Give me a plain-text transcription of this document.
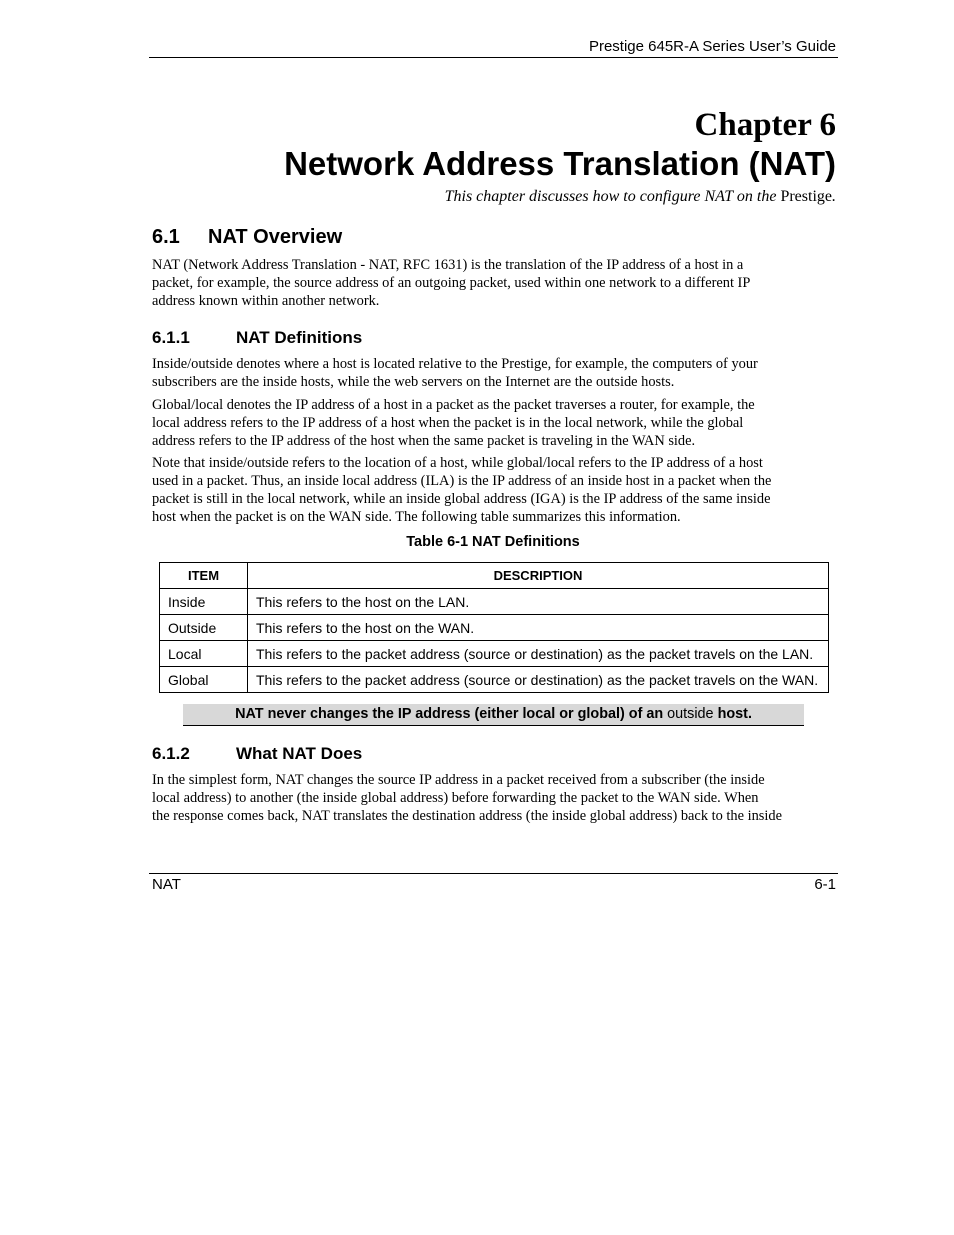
Prestige 645R-A Series User’s Guide
Chapter 6
Network Address Translation (NAT)
This chapter discusses how to configure NAT on the Prestige.
6.1 NAT Overview
NAT (Network Address Translation - NAT, RFC 1631) is the translation of the IP address of a host in a
packet, for example, the source address of an outgoing packet, used within one network to a different IP
address known within another network.
6.1.1	NAT Definitions
Inside/outside denotes where a host is located relative to the Prestige, for example, the computers of your
subscribers are the inside hosts, while the web servers on the Internet are the outside hosts.
Global/local denotes the IP address of a host in a packet as the packet traverses a router, for example, the
local address refers to the IP address of a host when the packet is in the local network, while the global
address refers to the IP address of the host when the same packet is traveling in the WAN side.
Note that inside/outside refers to the location of a host, while global/local refers to the IP address of a host
used in a packet. Thus, an inside local address (ILA) is the IP address of an inside host in a packet when the
packet is still in the local network, while an inside global address (IGA) is the IP address of the same inside
host when the packet is on the WAN side. The following table summarizes this information.
Table 6-1 NAT Definitions
ITEM	DESCRIPTION
Inside	This refers to the host on the LAN.
Outside	This refers to the host on the WAN.
Local	This refers to the packet address (source or destination) as the packet travels on the LAN.
Global	This refers to the packet address (source or destination) as the packet travels on the WAN.
NAT never changes the IP address (either local or global) of an outside host.
6.1.2	What NAT Does
In the simplest form, NAT changes the source IP address in a packet received from a subscriber (the inside
local address) to another (the inside global address) before forwarding the packet to the WAN side. When
the response comes back, NAT translates the destination address (the inside global address) back to the inside
NAT	6-1
